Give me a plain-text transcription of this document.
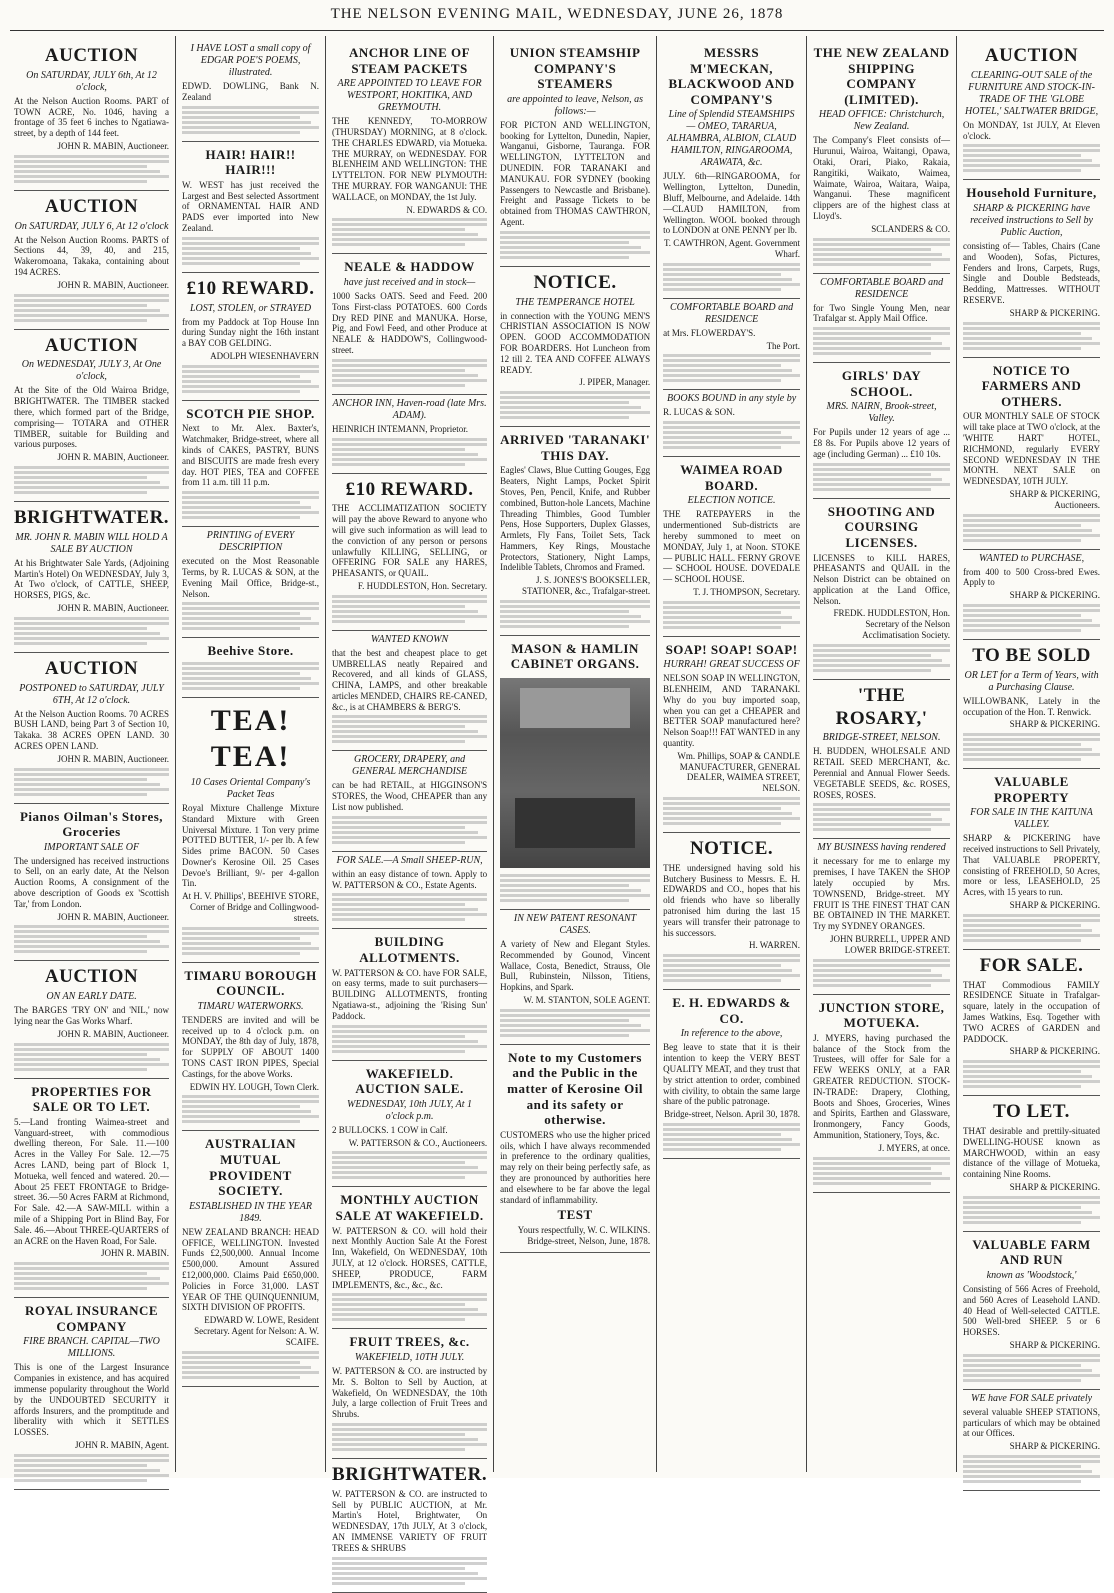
THE NELSON EVENING MAIL, WEDNESDAY, JUNE 26, 1878
AUCTION
On SATURDAY, JULY 6th, At 12 o'clock,
At the Nelson Auction Rooms. PART of TOWN ACRE, No. 1046, having a frontage of 35 feet 6 inches to Ngatiawa-street, by a depth of 144 feet.
JOHN R. MABIN, Auctioneer.
AUCTION
On SATURDAY, JULY 6, At 12 o'clock
At the Nelson Auction Rooms. PARTS of Sections 44, 39, 40, and 215, Wakeromoana, Takaka, containing about 194 ACRES.
JOHN R. MABIN, Auctioneer.
AUCTION
On WEDNESDAY, JULY 3, At One o'clock,
At the Site of the Old Wairoa Bridge, BRIGHTWATER. The TIMBER stacked there, which formed part of the Bridge, comprising— TOTARA and OTHER TIMBER, suitable for Building and various purposes.
JOHN R. MABIN, Auctioneer.
BRIGHTWATER.
MR. JOHN R. MABIN WILL HOLD A SALE BY AUCTION
At his Brightwater Sale Yards, (Adjoining Martin's Hotel) On WEDNESDAY, July 3, At Two o'clock, of CATTLE, SHEEP, HORSES, PIGS, &c.
JOHN R. MABIN, Auctioneer.
AUCTION
POSTPONED to SATURDAY, JULY 6TH, At 12 o'clock.
At the Nelson Auction Rooms. 70 ACRES BUSH LAND, being Part 3 of Section 10, Takaka. 38 ACRES OPEN LAND. 30 ACRES OPEN LAND.
JOHN R. MABIN, Auctioneer.
Pianos Oilman's Stores, Groceries
IMPORTANT SALE OF
The undersigned has received instructions to Sell, on an early date, At the Nelson Auction Rooms, A consignment of the above description of Goods ex 'Scottish Tar,' from London.
JOHN R. MABIN, Auctioneer.
AUCTION
ON AN EARLY DATE.
The BARGES 'TRY ON' and 'NIL,' now lying near the Gas Works Wharf.
JOHN R. MABIN, Auctioneer.
PROPERTIES FOR SALE OR TO LET.
5.—Land fronting Waimea-street and Vanguard-street, with commodious dwelling thereon, For Sale. 11.—100 Acres in the Valley For Sale. 12.—75 Acres LAND, being part of Block 1, Motueka, well fenced and watered. 20.—About 25 FEET FRONTAGE to Bridge-street. 36.—50 Acres FARM at Richmond, For Sale. 42.—A SAW-MILL within a mile of a Shipping Port in Blind Bay, For Sale. 46.—About THREE-QUARTERS of an ACRE on the Haven Road, For Sale.
JOHN R. MABIN.
ROYAL INSURANCE COMPANY
FIRE BRANCH. CAPITAL—TWO MILLIONS.
This is one of the Largest Insurance Companies in existence, and has acquired immense popularity throughout the World by the UNDOUBTED SECURITY it affords Insurers, and the promptitude and liberality with which it SETTLES LOSSES.
JOHN R. MABIN, Agent.
I HAVE LOST a small copy of EDGAR POE'S POEMS, illustrated.
EDWD. DOWLING, Bank N. Zealand
HAIR! HAIR!! HAIR!!!
W. WEST has just received the Largest and Best selected Assortment of ORNAMENTAL HAIR AND PADS ever imported into New Zealand.
£10 REWARD.
LOST, STOLEN, or STRAYED
from my Paddock at Top House Inn during Sunday night the 16th instant a BAY COB GELDING.
ADOLPH WIESENHAVERN
SCOTCH PIE SHOP.
Next to Mr. Alex. Baxter's, Watchmaker, Bridge-street, where all kinds of CAKES, PASTRY, BUNS and BISCUITS are made fresh every day. HOT PIES, TEA and COFFEE from 11 a.m. till 11 p.m.
PRINTING of EVERY DESCRIPTION
executed on the Most Reasonable Terms, by R. LUCAS & SON, at the Evening Mail Office, Bridge-st., Nelson.
Beehive Store.
TEA! TEA!
10 Cases Oriental Company's Packet Teas
Royal Mixture Challenge Mixture Standard Mixture with Green Universal Mixture. 1 Ton very prime POTTED BUTTER, 1/- per lb. A few Sides prime BACON. 50 Cases Downer's Kerosine Oil. 25 Cases Devoe's Brilliant, 9/- per 4-gallon Tin.
At H. V. Phillips', BEEHIVE STORE, Corner of Bridge and Collingwood-streets.
TIMARU BOROUGH COUNCIL.
TIMARU WATERWORKS.
TENDERS are invited and will be received up to 4 o'clock p.m. on MONDAY, the 8th day of July, 1878, for SUPPLY OF ABOUT 1400 TONS CAST IRON PIPES, Special Castings, for the above Works.
EDWIN HY. LOUGH, Town Clerk.
AUSTRALIAN MUTUAL PROVIDENT SOCIETY.
ESTABLISHED IN THE YEAR 1849.
NEW ZEALAND BRANCH: HEAD OFFICE, WELLINGTON. Invested Funds £2,500,000. Annual Income £500,000. Amount Assured £12,000,000. Claims Paid £650,000. Policies in Force 31,000. LAST YEAR OF THE QUINQUENNIUM, SIXTH DIVISION OF PROFITS.
EDWARD W. LOWE, Resident Secretary. Agent for Nelson: A. W. SCAIFE.
ANCHOR LINE OF STEAM PACKETS
ARE APPOINTED TO LEAVE FOR WESTPORT, HOKITIKA, AND GREYMOUTH.
THE KENNEDY, TO-MORROW (THURSDAY) MORNING, at 8 o'clock. THE CHARLES EDWARD, via Motueka. THE MURRAY, on WEDNESDAY. FOR BLENHEIM AND WELLINGTON: THE LYTTELTON. FOR NEW PLYMOUTH: THE MURRAY. FOR WANGANUI: THE WALLACE, on MONDAY, the 1st July.
N. EDWARDS & CO.
NEALE & HADDOW
have just received and in stock—
1000 Sacks OATS. Seed and Feed. 200 Tons First-class POTATOES. 600 Cords Dry RED PINE and MANUKA. Horse, Pig, and Fowl Feed, and other Produce at NEALE & HADDOW'S, Collingwood-street.
ANCHOR INN, Haven-road (late Mrs. ADAM).
HEINRICH INTEMANN, Proprietor.
£10 REWARD.
THE ACCLIMATIZATION SOCIETY will pay the above Reward to anyone who will give such information as will lead to the conviction of any person or persons unlawfully KILLING, SELLING, or OFFERING FOR SALE any HARES, PHEASANTS, or QUAIL.
F. HUDDLESTON, Hon. Secretary.
WANTED KNOWN
that the best and cheapest place to get UMBRELLAS neatly Repaired and Recovered, and all kinds of GLASS, CHINA, LAMPS, and other breakable articles MENDED, CHAIRS RE-CANED, &c., is at CHAMBERS & BERG'S.
GROCERY, DRAPERY, and GENERAL MERCHANDISE
can be had RETAIL, at HIGGINSON'S STORES, the Wood, CHEAPER than any List now published.
FOR SALE.—A Small SHEEP-RUN,
within an easy distance of town. Apply to W. PATTERSON & CO., Estate Agents.
BUILDING ALLOTMENTS.
W. PATTERSON & CO. have FOR SALE, on easy terms, made to suit purchasers— BUILDING ALLOTMENTS, fronting Ngatiawa-st., adjoining the 'Rising Sun' Paddock.
WAKEFIELD. AUCTION SALE.
WEDNESDAY, 10th JULY, At 1 o'clock p.m.
2 BULLOCKS. 1 COW in Calf.
W. PATTERSON & CO., Auctioneers.
MONTHLY AUCTION SALE AT WAKEFIELD.
W. PATTERSON & CO. will hold their next Monthly Auction Sale At the Forest Inn, Wakefield, On WEDNESDAY, 10th JULY, at 12 o'clock. HORSES, CATTLE, SHEEP, PRODUCE, FARM IMPLEMENTS, &c., &c., &c.
FRUIT TREES, &c.
WAKEFIELD, 10TH JULY.
W. PATTERSON & CO. are instructed by Mr. S. Bolton to Sell by Auction, at Wakefield, On WEDNESDAY, the 10th July, a large collection of Fruit Trees and Shrubs.
BRIGHTWATER.
W. PATTERSON & CO. are instructed to Sell by PUBLIC AUCTION, at Mr. Martin's Hotel, Brightwater, On WEDNESDAY, 17th JULY, At 3 o'clock, AN IMMENSE VARIETY OF FRUIT TREES & SHRUBS
UNION STEAMSHIP COMPANY'S STEAMERS
are appointed to leave, Nelson, as follows:—
FOR PICTON AND WELLINGTON, booking for Lyttelton, Dunedin, Napier, Wanganui, Gisborne, Tauranga. FOR WELLINGTON, LYTTELTON and DUNEDIN. FOR TARANAKI and MANUKAU. FOR SYDNEY (booking Passengers to Newcastle and Brisbane). Freight and Passage Tickets to be obtained from THOMAS CAWTHRON, Agent.
NOTICE.
THE TEMPERANCE HOTEL
in connection with the YOUNG MEN'S CHRISTIAN ASSOCIATION IS NOW OPEN. GOOD ACCOMMODATION FOR BOARDERS. Hot Luncheon from 12 till 2. TEA AND COFFEE ALWAYS READY.
J. PIPER, Manager.
ARRIVED 'TARANAKI' THIS DAY.
Eagles' Claws, Blue Cutting Gouges, Egg Beaters, Night Lamps, Pocket Spirit Stoves, Pen, Pencil, Knife, and Rubber combined, Button-hole Lancets, Machine Threading Thimbles, Good Tumbler Pens, Hose Supporters, Duplex Glasses, Armlets, Fly Fans, Toilet Sets, Tack Hammers, Key Rings, Moustache Protectors, Stationery, Night Lamps, Indelible Tablets, Chromos and Framed.
J. S. JONES'S BOOKSELLER, STATIONER, &c., Trafalgar-street.
MASON & HAMLIN CABINET ORGANS.
IN NEW PATENT RESONANT CASES.
A variety of New and Elegant Styles. Recommended by Gounod, Vincent Wallace, Costa, Benedict, Strauss, Ole Bull, Rubinstein, Nilsson, Titiens, Hopkins, and Spark.
W. M. STANTON, SOLE AGENT.
Note to my Customers and the Public in the matter of Kerosine Oil and its safety or otherwise.
CUSTOMERS who use the higher priced oils, which I have always recommended in preference to the ordinary qualities, may rely on their being perfectly safe, as they are pronounced by authorities here and elsewhere to be far above the legal standard of inflammability.
TEST
Yours respectfully, W. C. WILKINS. Bridge-street, Nelson, June, 1878.
MESSRS M'MECKAN, BLACKWOOD AND COMPANY'S
Line of Splendid STEAMSHIPS — OMEO, TARARUA, ALHAMBRA, ALBION, CLAUD HAMILTON, RINGAROOMA, ARAWATA, &c.
JULY. 6th—RINGAROOMA, for Wellington, Lyttelton, Dunedin, Bluff, Melbourne, and Adelaide. 14th—CLAUD HAMILTON, from Wellington. WOOL booked through to LONDON at ONE PENNY per lb.
T. CAWTHRON, Agent. Government Wharf.
COMFORTABLE BOARD and RESIDENCE
at Mrs. FLOWERDAY'S.
The Port.
BOOKS BOUND in any style by
R. LUCAS & SON.
WAIMEA ROAD BOARD.
ELECTION NOTICE.
THE RATEPAYERS in the undermentioned Sub-districts are hereby summoned to meet on MONDAY, July 1, at Noon. STOKE — PUBLIC HALL. FERNY GROVE — SCHOOL HOUSE. DOVEDALE — SCHOOL HOUSE.
T. J. THOMPSON, Secretary.
SOAP! SOAP! SOAP!
HURRAH! GREAT SUCCESS OF
NELSON SOAP IN WELLINGTON, BLENHEIM, AND TARANAKI. Why do you buy imported soap, when you can get a CHEAPER and BETTER SOAP manufactured here? Nelson Soap!!! FAT WANTED in any quantity.
Wm. Phillips, SOAP & CANDLE MANUFACTURER, GENERAL DEALER, WAIMEA STREET, NELSON.
NOTICE.
THE undersigned having sold his Butchery Business to Messrs. E. H. EDWARDS and CO., hopes that his old friends who have so liberally patronised him during the last 15 years will transfer their patronage to his successors.
H. WARREN.
E. H. EDWARDS & CO.
In reference to the above,
Beg leave to state that it is their intention to keep the VERY BEST QUALITY MEAT, and they trust that by strict attention to order, combined with civility, to obtain the same large share of the public patronage.
Bridge-street, Nelson. April 30, 1878.
THE NEW ZEALAND SHIPPING COMPANY (LIMITED).
HEAD OFFICE: Christchurch, New Zealand.
The Company's Fleet consists of— Hurunui, Wairoa, Waitangi, Opawa, Otaki, Orari, Piako, Rakaia, Rangitiki, Waikato, Waimea, Waimate, Wairoa, Waitara, Waipa, Wanganui. These magnificent clippers are of the highest class at Lloyd's.
SCLANDERS & CO.
COMFORTABLE BOARD and RESIDENCE
for Two Single Young Men, near Trafalgar st. Apply Mail Office.
GIRLS' DAY SCHOOL.
MRS. NAIRN, Brook-street, Valley.
For Pupils under 12 years of age ... £8 8s. For Pupils above 12 years of age (including German) ... £10 10s.
SHOOTING AND COURSING LICENSES.
LICENSES to KILL HARES, PHEASANTS and QUAIL in the Nelson District can be obtained on application at the Land Office, Nelson.
FREDK. HUDDLESTON, Hon. Secretary of the Nelson Acclimatisation Society.
'THE ROSARY,'
BRIDGE-STREET, NELSON.
H. BUDDEN, WHOLESALE AND RETAIL SEED MERCHANT, &c. Perennial and Annual Flower Seeds. VEGETABLE SEEDS, &c. ROSES, ROSES, ROSES.
MY BUSINESS having rendered
it necessary for me to enlarge my premises, I have TAKEN the SHOP lately occupied by Mrs. TOWNSEND, Bridge-street. MY FRUIT IS THE FINEST THAT CAN BE OBTAINED IN THE MARKET. Try my SYDNEY ORANGES.
JOHN BURRELL, UPPER AND LOWER BRIDGE-STREET.
JUNCTION STORE, MOTUEKA.
J. MYERS, having purchased the balance of the Stock from the Trustees, will offer for Sale for a FEW WEEKS ONLY, at a FAR GREATER REDUCTION. STOCK-IN-TRADE: Drapery, Clothing, Boots and Shoes, Groceries, Wines and Spirits, Earthen and Glassware, Ironmongery, Fancy Goods, Ammunition, Stationery, Toys, &c.
J. MYERS, at once.
AUCTION
CLEARING-OUT SALE of the FURNITURE AND STOCK-IN-TRADE OF THE 'GLOBE HOTEL,' SALTWATER BRIDGE,
On MONDAY, 1st JULY, At Eleven o'clock.
Household Furniture,
SHARP & PICKERING have received instructions to Sell by Public Auction,
consisting of— Tables, Chairs (Cane and Wooden), Sofas, Pictures, Fenders and Irons, Carpets, Rugs, Single and Double Bedsteads, Bedding, Mattresses. WITHOUT RESERVE.
SHARP & PICKERING.
NOTICE TO FARMERS AND OTHERS.
OUR MONTHLY SALE OF STOCK will take place at TWO o'clock, at the 'WHITE HART' HOTEL, RICHMOND, regularly EVERY SECOND WEDNESDAY IN THE MONTH. NEXT SALE on WEDNESDAY, 10TH JULY.
SHARP & PICKERING, Auctioneers.
WANTED to PURCHASE,
from 400 to 500 Cross-bred Ewes. Apply to
SHARP & PICKERING.
TO BE SOLD
OR LET for a Term of Years, with a Purchasing Clause.
WILLOWBANK, Lately in the occupation of the Hon. T. Renwick.
SHARP & PICKERING.
VALUABLE PROPERTY
FOR SALE IN THE KAITUNA VALLEY.
SHARP & PICKERING have received instructions to Sell Privately, That VALUABLE PROPERTY, consisting of FREEHOLD, 50 Acres, more or less, LEASEHOLD, 25 Acres, with 15 years to run.
SHARP & PICKERING.
FOR SALE.
THAT Commodious FAMILY RESIDENCE Situate in Trafalgar-square, lately in the occupation of James Watkins, Esq. Together with TWO ACRES of GARDEN and PADDOCK.
SHARP & PICKERING.
TO LET.
THAT desirable and prettily-situated DWELLING-HOUSE known as MARCHWOOD, within an easy distance of the village of Motueka, containing Nine Rooms.
SHARP & PICKERING.
VALUABLE FARM AND RUN
known as 'Woodstock,'
Consisting of 566 Acres of Freehold, and 560 Acres of Leasehold LAND. 40 Head of Well-selected CATTLE. 500 Well-bred SHEEP. 5 or 6 HORSES.
SHARP & PICKERING.
WE have FOR SALE privately
several valuable SHEEP STATIONS, particulars of which may be obtained at our Offices.
SHARP & PICKERING.
